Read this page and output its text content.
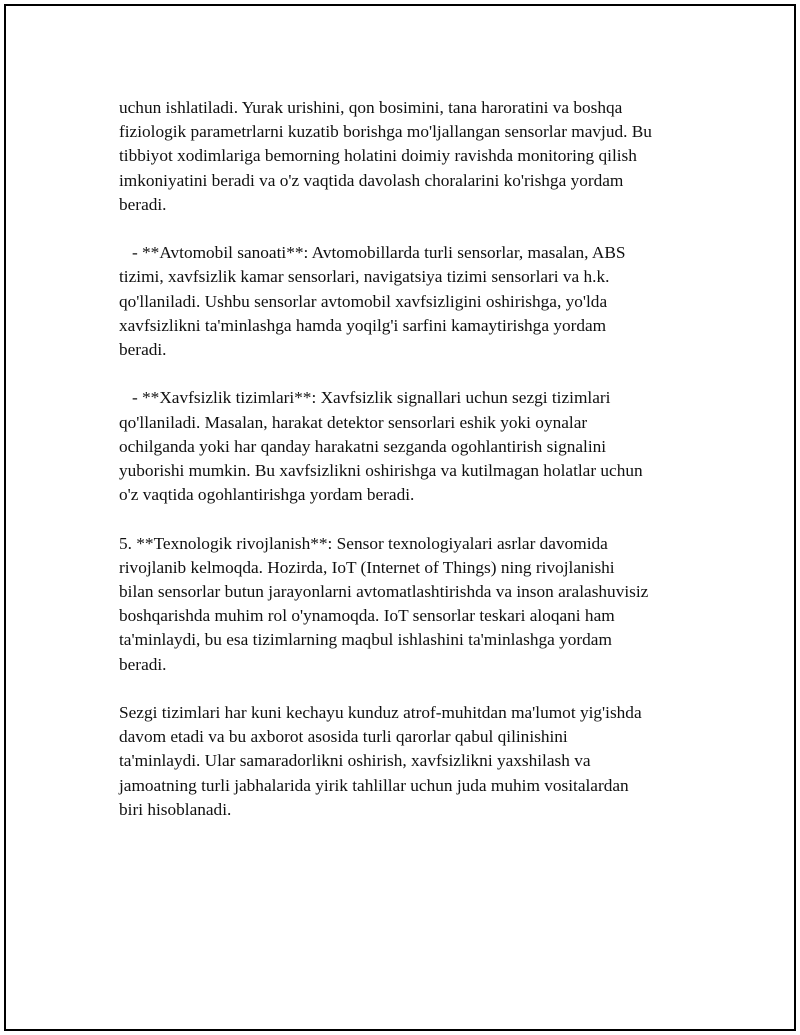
uchun ishlatiladi. Yurak urishini, qon bosimini, tana haroratini va boshqa
fiziologik parametrlarni kuzatib borishga mo'ljallangan sensorlar mavjud. Bu
tibbiyot xodimlariga bemorning holatini doimiy ravishda monitoring qilish
imkoniyatini beradi va o'z vaqtida davolash choralarini ko'rishga yordam
beradi.

- **Avtomobil sanoati**: Avtomobillarda turli sensorlar, masalan, ABS
tizimi, xavfsizlik kamar sensorlari, navigatsiya tizimi sensorlari va h.k.
qo'llaniladi. Ushbu sensorlar avtomobil xavfsizligini oshirishga, yo'lda
xavfsizlikni ta'minlashga hamda yoqilg'i sarfini kamaytirishga yordam
beradi.

- **Xavfsizlik tizimlari**: Xavfsizlik signallari uchun sezgi tizimlari
qo'llaniladi. Masalan, harakat detektor sensorlari eshik yoki oynalar
ochilganda yoki har qanday harakatni sezganda ogohlantirish signalini
yuborishi mumkin. Bu xavfsizlikni oshirishga va kutilmagan holatlar uchun
o'z vaqtida ogohlantirishga yordam beradi.

5. **Texnologik rivojlanish**: Sensor texnologiyalari asrlar davomida
rivojlanib kelmoqda. Hozirda, IoT (Internet of Things) ning rivojlanishi
bilan sensorlar butun jarayonlarni avtomatlashtirishda va inson aralashuvisiz
boshqarishda muhim rol o'ynamoqda. IoT sensorlar teskari aloqani ham
ta'minlaydi, bu esa tizimlarning maqbul ishlashini ta'minlashga yordam
beradi.

Sezgi tizimlari har kuni kechayu kunduz atrof-muhitdan ma'lumot yig'ishda
davom etadi va bu axborot asosida turli qarorlar qabul qilinishini
ta'minlaydi. Ular samaradorlikni oshirish, xavfsizlikni yaxshilash va
jamoatning turli jabhalarida yirik tahlillar uchun juda muhim vositalardan
biri hisoblanadi.
